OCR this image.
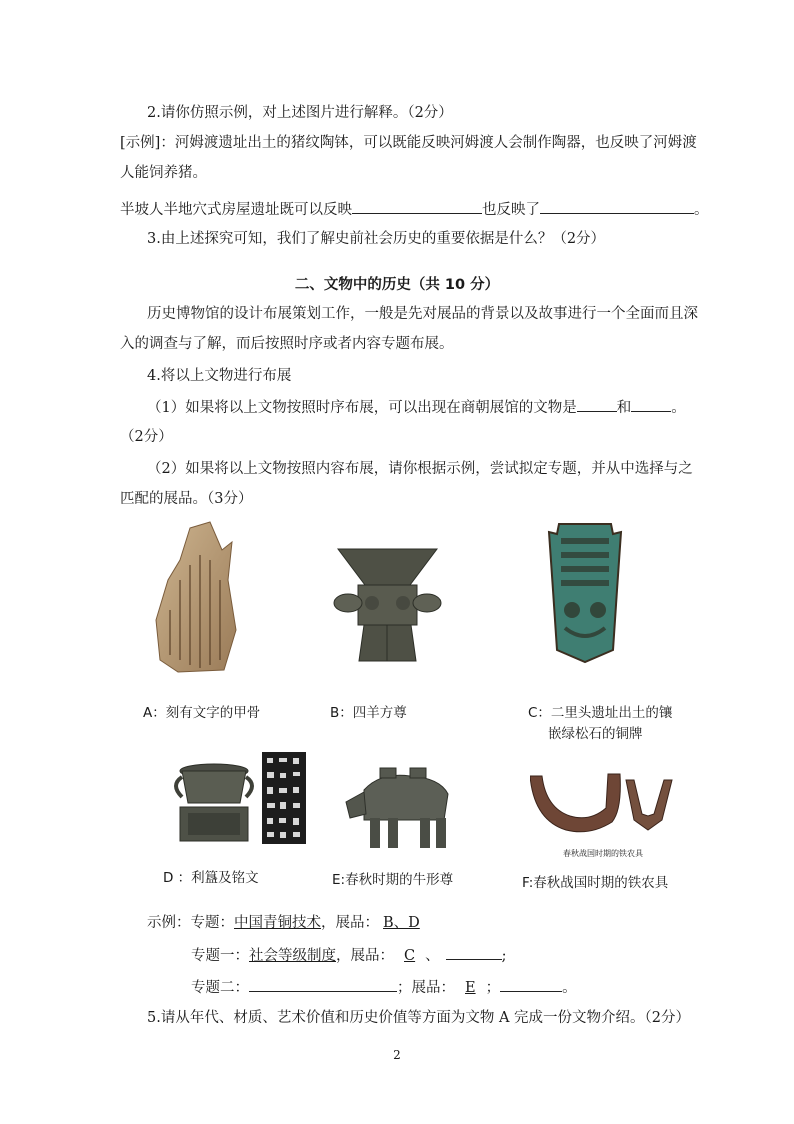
2.请你仿照示例，对上述图片进行解释。（2分）
[示例]：河姆渡遗址出土的猪纹陶钵，可以既能反映河姆渡人会制作陶器，也反映了河姆渡
人能饲养猪。
半坡人半地穴式房屋遗址既可以反映	也反映了	。
3.由上述探究可知，我们了解史前社会历史的重要依据是什么？（2分）
二、文物中的历史（共 10 分）
历史博物馆的设计布展策划工作，一般是先对展品的背景以及故事进行一个全面而且深
入的调查与了解，而后按照时序或者内容专题布展。
4.将以上文物进行布展
（1）如果将以上文物按照时序布展，可以出现在商朝展馆的文物是	和	。
（2分）
（2）如果将以上文物按照内容布展，请你根据示例，尝试拟定专题，并从中选择与之
匹配的展品。（3分）
A：刻有文字的甲骨	B：四羊方尊	C：二里头遗址出土的镶
嵌绿松石的铜牌
春秋战国时期的铁农具
D ：利簋及铭文	E:春秋时期的牛形尊	F:春秋战国时期的铁农具
示例：专题：中国青铜技术，展品： B、D
专题一：社会等级制度，展品： C 、	;
专题二：	；展品： E ；	。
5.请从年代、材质、艺术价值和历史价值等方面为文物 A 完成一份文物介绍。（2分）
2
